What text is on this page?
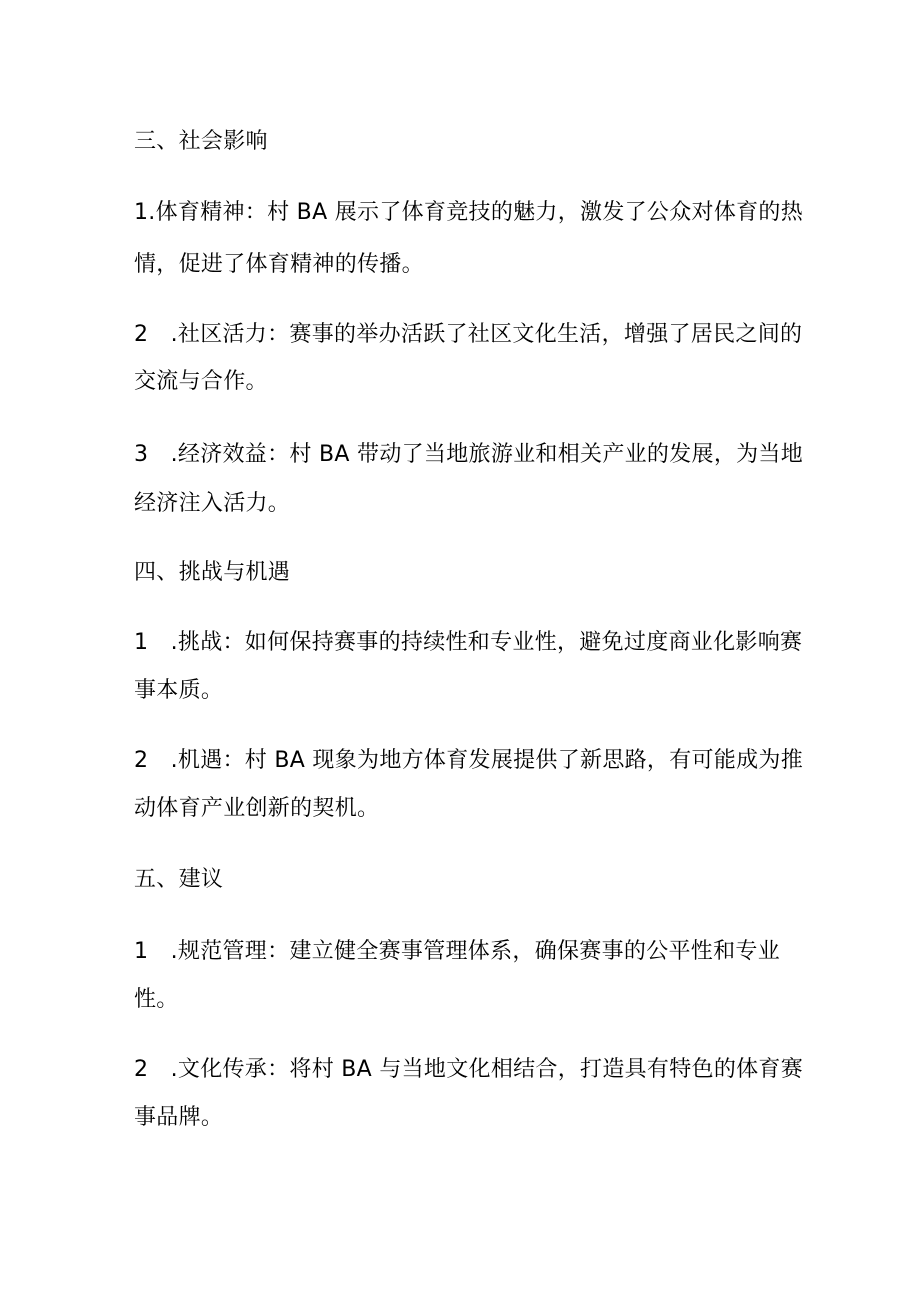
三、社会影响
1.体育精神：村 BA 展示了体育竞技的魅力，激发了公众对体育的热
情，促进了体育精神的传播。
2　.社区活力：赛事的举办活跃了社区文化生活，增强了居民之间的
交流与合作。
3　.经济效益：村 BA 带动了当地旅游业和相关产业的发展，为当地
经济注入活力。
四、挑战与机遇
1　.挑战：如何保持赛事的持续性和专业性，避免过度商业化影响赛
事本质。
2　.机遇：村 BA 现象为地方体育发展提供了新思路，有可能成为推
动体育产业创新的契机。
五、建议
1　.规范管理：建立健全赛事管理体系，确保赛事的公平性和专业
性。
2　.文化传承：将村 BA 与当地文化相结合，打造具有特色的体育赛
事品牌。
